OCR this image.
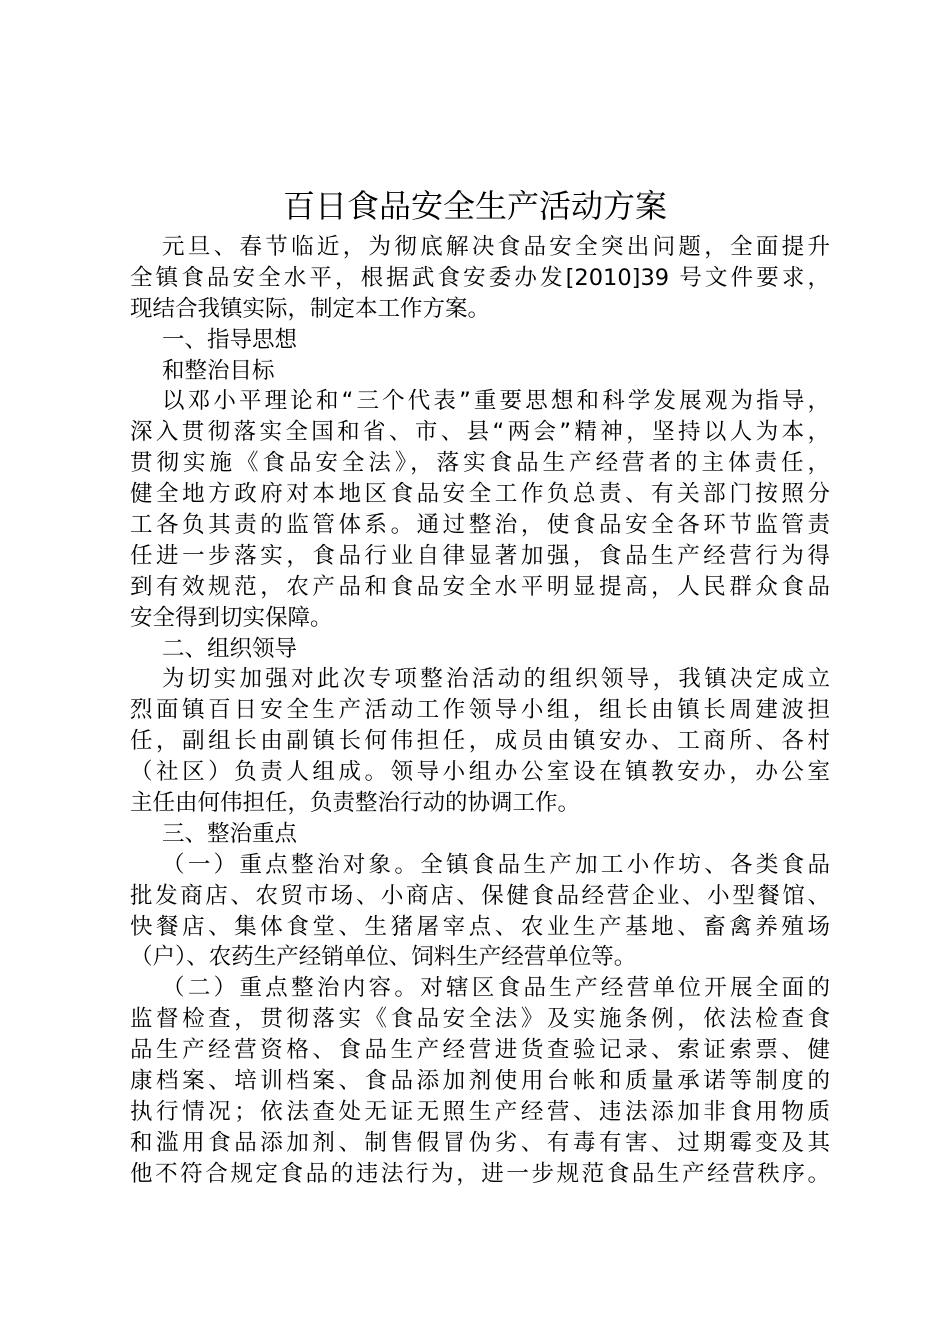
百日食品安全生产活动方案
元旦、春节临近，为彻底解决食品安全突出问题，全面提升
全镇食品安全水平，根据武食安委办发[2010]39 号文件要求，
现结合我镇实际，制定本工作方案。
一、指导思想
和整治目标
以邓小平理论和“三个代表”重要思想和科学发展观为指导，
深入贯彻落实全国和省、市、县“两会”精神，坚持以人为本，
贯彻实施《食品安全法》，落实食品生产经营者的主体责任，
健全地方政府对本地区食品安全工作负总责、有关部门按照分
工各负其责的监管体系。通过整治，使食品安全各环节监管责
任进一步落实，食品行业自律显著加强，食品生产经营行为得
到有效规范，农产品和食品安全水平明显提高，人民群众食品
安全得到切实保障。
二、组织领导
为切实加强对此次专项整治活动的组织领导，我镇决定成立
烈面镇百日安全生产活动工作领导小组，组长由镇长周建波担
任，副组长由副镇长何伟担任，成员由镇安办、工商所、各村
（社区）负责人组成。领导小组办公室设在镇教安办，办公室
主任由何伟担任，负责整治行动的协调工作。
三、整治重点
（一）重点整治对象。全镇食品生产加工小作坊、各类食品
批发商店、农贸市场、小商店、保健食品经营企业、小型餐馆、
快餐店、集体食堂、生猪屠宰点、农业生产基地、畜禽养殖场
（户）、农药生产经销单位、饲料生产经营单位等。
（二）重点整治内容。对辖区食品生产经营单位开展全面的
监督检查，贯彻落实《食品安全法》及实施条例，依法检查食
品生产经营资格、食品生产经营进货查验记录、索证索票、健
康档案、培训档案、食品添加剂使用台帐和质量承诺等制度的
执行情况；依法查处无证无照生产经营、违法添加非食用物质
和滥用食品添加剂、制售假冒伪劣、有毒有害、过期霉变及其
他不符合规定食品的违法行为，进一步规范食品生产经营秩序。
